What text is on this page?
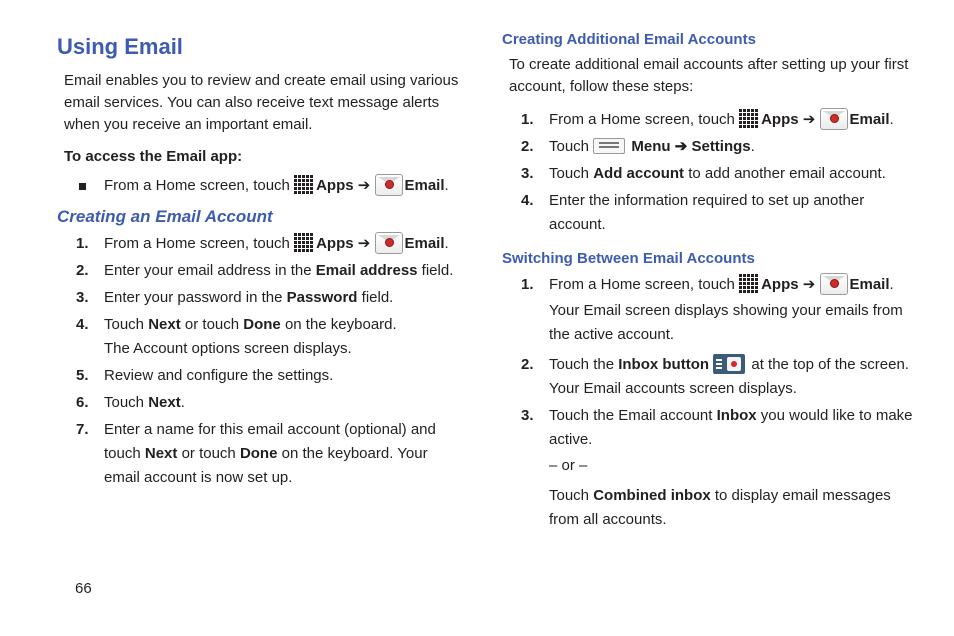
Using Email

Email enables you to review and create email using various email services. You can also receive text message alerts when you receive an important email.

To access the Email app:

From a Home screen, touch Apps ➔ Email.
Creating an Email Account
1. From a Home screen, touch Apps ➔ Email.
2. Enter your email address in the Email address field.
3. Enter your password in the Password field.
4. Touch Next or touch Done on the keyboard.
The Account options screen displays.
5. Review and configure the settings.
6. Touch Next.
7. Enter a name for this email account (optional) and touch Next or touch Done on the keyboard. Your email account is now set up.
Creating Additional Email Accounts

To create additional email accounts after setting up your first account, follow these steps:

1. From a Home screen, touch Apps ➔ Email.
2. Touch	Menu ➔ Settings.
3. Touch Add account to add another email account.
4. Enter the information required to set up another account.
Switching Between Email Accounts
1. From a Home screen, touch Apps ➔ Email.
Your Email screen displays showing your emails from the active account.
2. Touch the Inbox button	at the top of the screen.
Your Email accounts screen displays.
3. Touch the Email account Inbox you would like to make active.
– or –
Touch Combined inbox to display email messages from all accounts.
66
